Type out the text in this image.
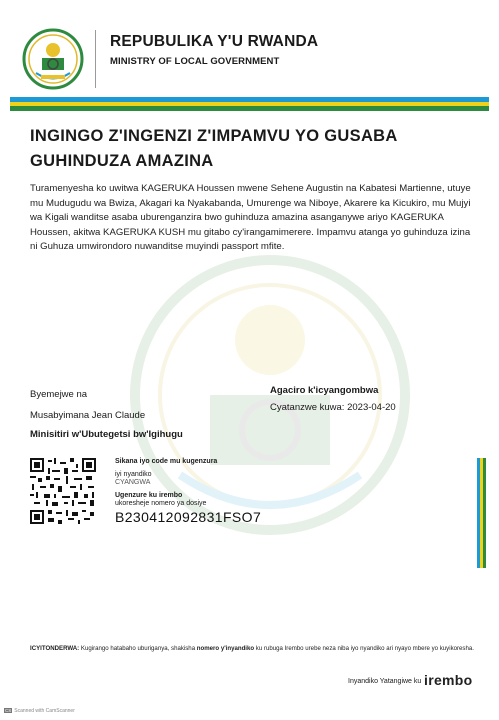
REPUBULIKA Y'U RWANDA
MINISTRY OF LOCAL GOVERNMENT
INGINGO Z'INGENZI Z'IMPAMVU YO GUSABA
GUHINDUZA AMAZINA
Turamenyesha ko uwitwa KAGERUKA Houssen mwene Sehene Augustin na Kabatesi Martienne, utuye mu Mudugudu wa Bwiza, Akagari ka Nyakabanda, Umurenge wa Niboye, Akarere ka Kicukiro, mu Mujyi wa Kigali wanditse asaba uburenganzira bwo guhinduza amazina asanganywe ariyo KAGERUKA Houssen, akitwa KAGERUKA KUSH mu gitabo cy'irangamimerere. Impamvu atanga yo guhinduza izina ni Guhuza umwirondoro nuwanditse muyindi passport mfite.
Byemejwe na
Musabyimana Jean Claude
Minisitiri w'Ubutegetsi bw'Igihugu
Agaciro k'icyangombwa
Cyatanzwe kuwa: 2023-04-20
Sikana iyo code mu kugenzura
iyi nyandiko
CYANGWA
Ugenzure ku irembo
ukoresheje nomero ya dosiye
B230412092831FSO7
ICYITONDERWA: Kugirango hatabaho uburiganya, shakisha nomero y'inyandiko ku rubuga Irembo urebe neza niba iyo nyandiko ari nyayo mbere yo kuyikoresha.
Inyandiko Yatangiwe ku irembo
CS Scanned with CamScanner
